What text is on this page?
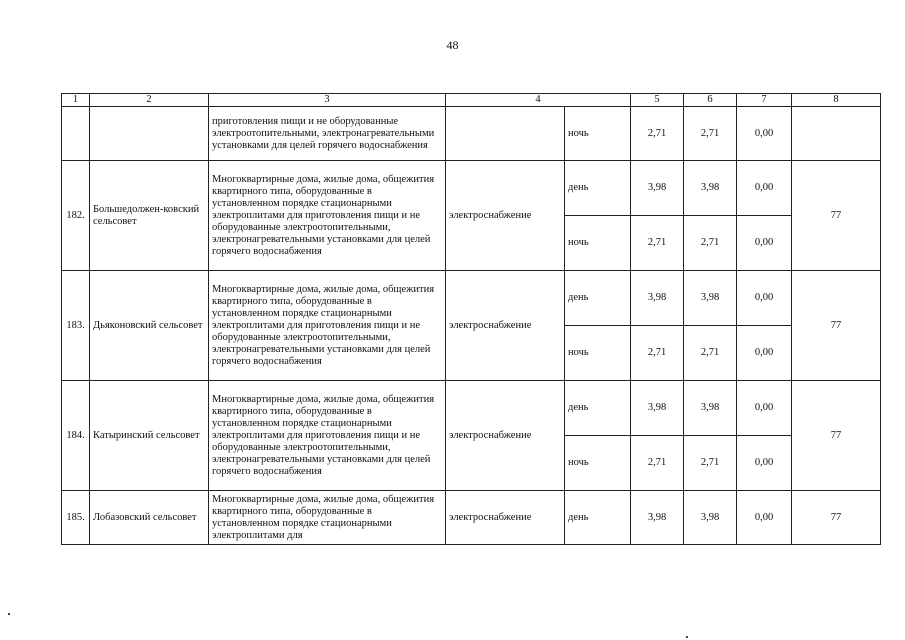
48
1	2	3	4		5	6	7	8
		приготовления пищи и не оборудованные электроотопительными, электронагревательными установками для целей горячего водоснабжения		ночь	2,71	2,71	0,00	
182.	Большедолжен-ковский сельсовет	Многоквартирные дома, жилые дома, общежития квартирного типа, оборудованные в установленном порядке стационарными электроплитами для приготовления пищи и не оборудованные электроотопительными, электронагревательными установками для целей горячего водоснабжения	электроснабжение	день	3,98	3,98	0,00	77
				ночь	2,71	2,71	0,00	
183.	Дьяконовский сельсовет	Многоквартирные дома, жилые дома, общежития квартирного типа, оборудованные в установленном порядке стационарными электроплитами для приготовления пищи и не оборудованные электроотопительными, электронагревательными установками для целей горячего водоснабжения	электроснабжение	день	3,98	3,98	0,00	77
				ночь	2,71	2,71	0,00	
184.	Катыринский сельсовет	Многоквартирные дома, жилые дома, общежития квартирного типа, оборудованные в установленном порядке стационарными электроплитами для приготовления пищи и не оборудованные электроотопительными, электронагревательными установками для целей горячего водоснабжения	электроснабжение	день	3,98	3,98	0,00	77
				ночь	2,71	2,71	0,00	
185.	Лобазовский сельсовет	Многоквартирные дома, жилые дома, общежития квартирного типа, оборудованные в установленном порядке стационарными электроплитами для	электроснабжение	день	3,98	3,98	0,00	77
